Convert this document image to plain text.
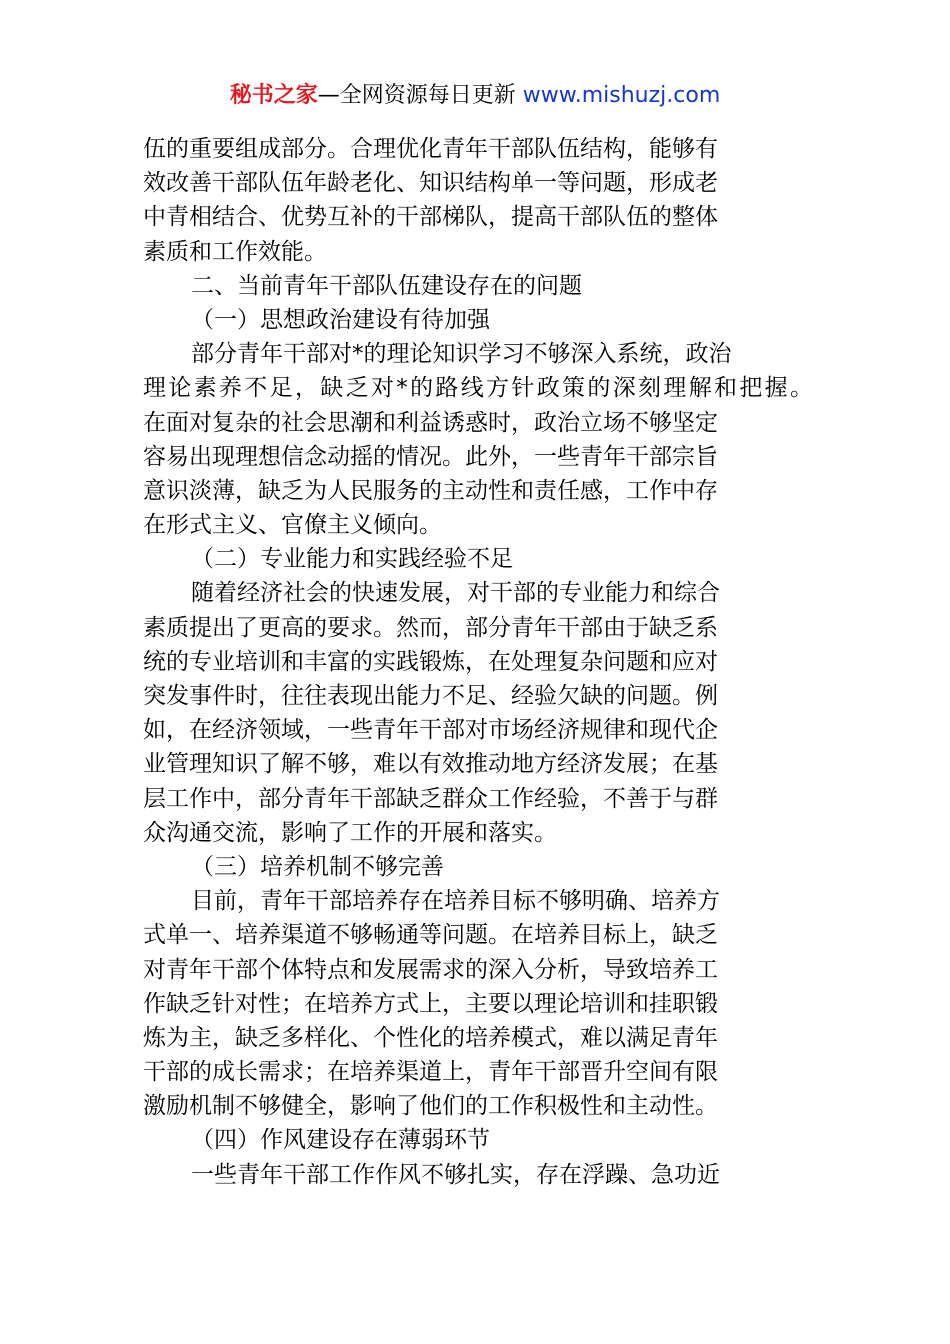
秘书之家—全网资源每日更新 www.mishuzj.com
伍的重要组成部分。合理优化青年干部队伍结构，能够有
效改善干部队伍年龄老化、知识结构单一等问题，形成老
中青相结合、优势互补的干部梯队，提高干部队伍的整体
素质和工作效能。
二、当前青年干部队伍建设存在的问题
（一）思想政治建设有待加强
部分青年干部对*的理论知识学习不够深入系统，政治
理论素养不足，缺乏对*的路线方针政策的深刻理解和把握。
在面对复杂的社会思潮和利益诱惑时，政治立场不够坚定
容易出现理想信念动摇的情况。此外，一些青年干部宗旨
意识淡薄，缺乏为人民服务的主动性和责任感，工作中存
在形式主义、官僚主义倾向。
（二）专业能力和实践经验不足
随着经济社会的快速发展，对干部的专业能力和综合
素质提出了更高的要求。然而，部分青年干部由于缺乏系
统的专业培训和丰富的实践锻炼，在处理复杂问题和应对
突发事件时，往往表现出能力不足、经验欠缺的问题。例
如，在经济领域，一些青年干部对市场经济规律和现代企
业管理知识了解不够，难以有效推动地方经济发展；在基
层工作中，部分青年干部缺乏群众工作经验，不善于与群
众沟通交流，影响了工作的开展和落实。
（三）培养机制不够完善
目前，青年干部培养存在培养目标不够明确、培养方
式单一、培养渠道不够畅通等问题。在培养目标上，缺乏
对青年干部个体特点和发展需求的深入分析，导致培养工
作缺乏针对性；在培养方式上，主要以理论培训和挂职锻
炼为主，缺乏多样化、个性化的培养模式，难以满足青年
干部的成长需求；在培养渠道上，青年干部晋升空间有限
激励机制不够健全，影响了他们的工作积极性和主动性。
（四）作风建设存在薄弱环节
一些青年干部工作作风不够扎实，存在浮躁、急功近
